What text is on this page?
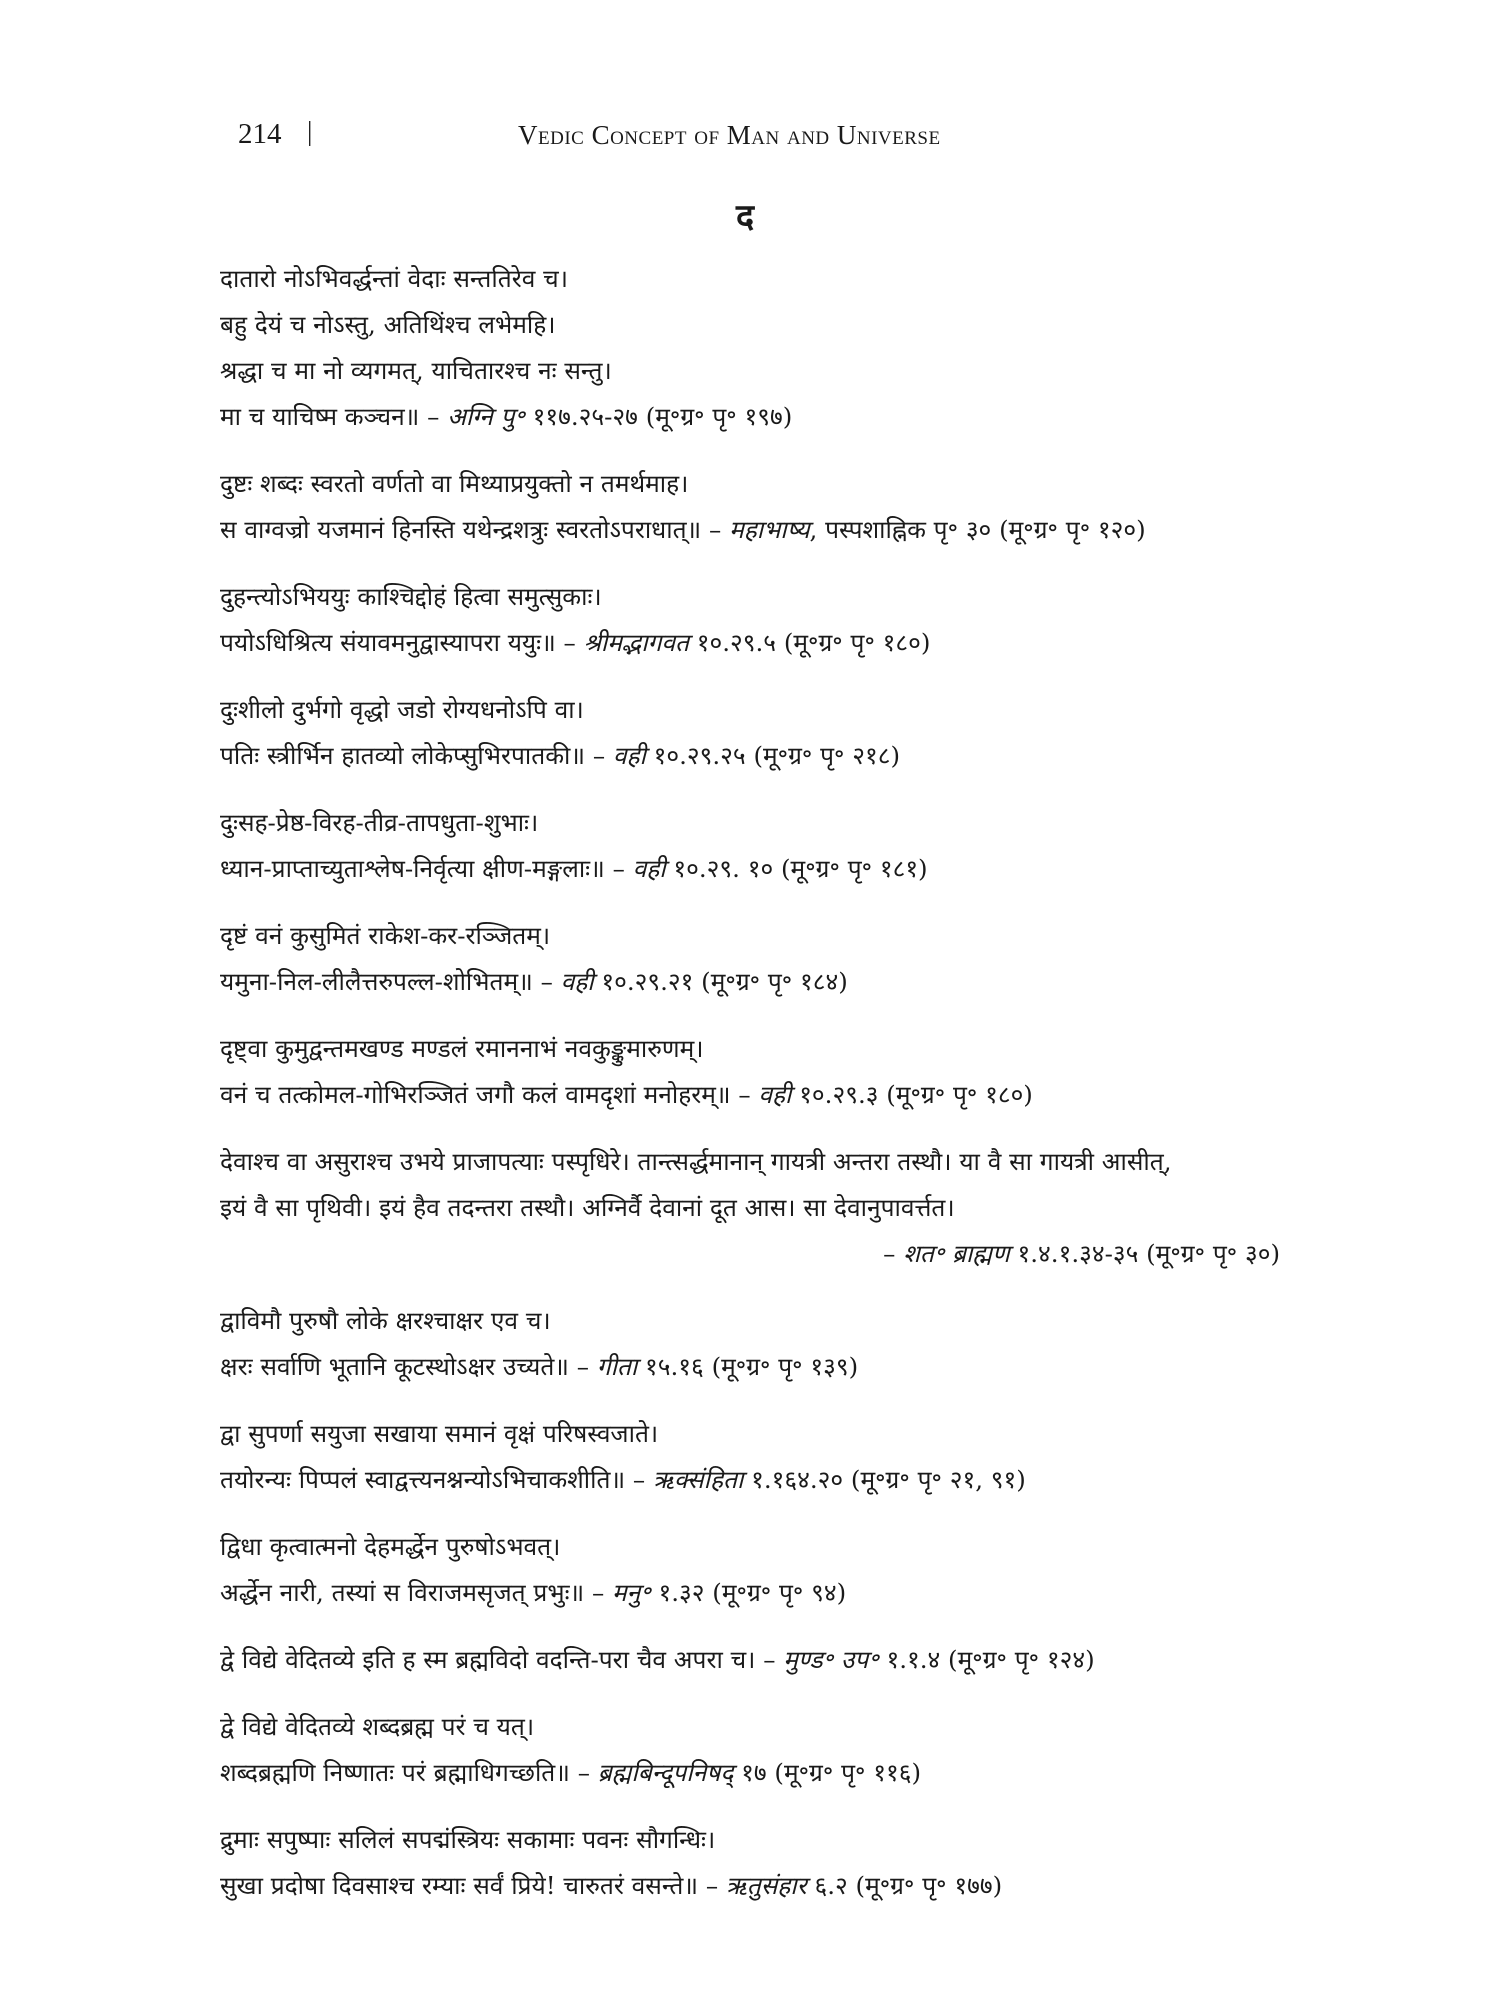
214 |	Vedic Concept of Man and Universe
द
दातारो नोऽभिवर्द्धन्तां वेदाः सन्ततिरेव च।
बहु देयं च नोऽस्तु, अतिथिंश्च लभेमहि।
श्रद्धा च मा नो व्यगमत्, याचितारश्च नः सन्तु।
मा च याचिष्म कञ्चन॥ – अग्नि पु॰ ११७.२५-२७ (मू॰ग्र॰ पृ॰ १९७)
दुष्टः शब्दः स्वरतो वर्णतो वा मिथ्याप्रयुक्तो न तमर्थमाह।
स वाग्वज्रो यजमानं हिनस्ति यथेन्द्रशत्रुः स्वरतोऽपराधात्॥ – महाभाष्य, पस्पशाह्निक पृ॰ ३० (मू॰ग्र॰ पृ॰ १२०)
दुहन्त्योऽभिययुः काश्चिद्दोहं हित्वा समुत्सुकाः।
पयोऽधिश्रित्य संयावमनुद्वास्यापरा ययुः॥ – श्रीमद्भागवत १०.२९.५ (मू॰ग्र॰ पृ॰ १८०)
दुःशीलो दुर्भगो वृद्धो जडो रोग्यधनोऽपि वा।
पतिः स्त्रीर्भिन हातव्यो लोकेप्सुभिरपातकी॥ – वही १०.२९.२५ (मू॰ग्र॰ पृ॰ २१८)
दुःसह-प्रेष्ठ-विरह-तीव्र-तापधुता-शुभाः।
ध्यान-प्राप्ताच्युताश्लेष-निर्वृत्या क्षीण-मङ्गलाः॥ – वही १०.२९. १० (मू॰ग्र॰ पृ॰ १८१)
दृष्टं वनं कुसुमितं राकेश-कर-रञ्जितम्।
यमुना-निल-लीलैत्तरुपल्ल-शोभितम्॥ – वही १०.२९.२१ (मू॰ग्र॰ पृ॰ १८४)
दृष्ट्वा कुमुद्वन्तमखण्ड मण्डलं रमाननाभं नवकुङ्कुमारुणम्।
वनं च तत्कोमल-गोभिरञ्जितं जगौ कलं वामदृशां मनोहरम्॥ – वही १०.२९.३ (मू॰ग्र॰ पृ॰ १८०)
देवाश्च वा असुराश्च उभये प्राजापत्याः पस्पृधिरे। तान्त्सर्द्धमानान् गायत्री अन्तरा तस्थौ। या वै सा गायत्री आसीत्,
इयं वै सा पृथिवी। इयं हैव तदन्तरा तस्थौ। अग्निर्वै देवानां दूत आस। सा देवानुपावर्त्तत।
– शत॰ ब्राह्मण १.४.१.३४-३५ (मू॰ग्र॰ पृ॰ ३०)
द्वाविमौ पुरुषौ लोके क्षरश्चाक्षर एव च।
क्षरः सर्वाणि भूतानि कूटस्थोऽक्षर उच्यते॥ – गीता १५.१६ (मू॰ग्र॰ पृ॰ १३९)
द्वा सुपर्णा सयुजा सखाया समानं वृक्षं परिषस्वजाते।
तयोरन्यः पिप्पलं स्वाद्वत्त्यनश्नन्योऽभिचाकशीति॥ – ऋक्संहिता १.१६४.२० (मू॰ग्र॰ पृ॰ २१, ९१)
द्विधा कृत्वात्मनो देहमर्द्धेन पुरुषोऽभवत्।
अर्द्धेन नारी, तस्यां स विराजमसृजत् प्रभुः॥ – मनु॰ १.३२ (मू॰ग्र॰ पृ॰ ९४)
द्वे विद्ये वेदितव्ये इति ह स्म ब्रह्मविदो वदन्ति-परा चैव अपरा च। – मुण्ड॰ उप॰ १.१.४ (मू॰ग्र॰ पृ॰ १२४)
द्वे विद्ये वेदितव्ये शब्दब्रह्म परं च यत्।
शब्दब्रह्मणि निष्णातः परं ब्रह्माधिगच्छति॥ – ब्रह्मबिन्दूपनिषद् १७ (मू॰ग्र॰ पृ॰ ११६)
द्रुमाः सपुष्पाः सलिलं सपद्मंस्त्रियः सकामाः पवनः सौगन्धिः।
सुखा प्रदोषा दिवसाश्च रम्याः सर्वं प्रिये! चारुतरं वसन्ते॥ – ऋतुसंहार ६.२ (मू॰ग्र॰ पृ॰ १७७)
